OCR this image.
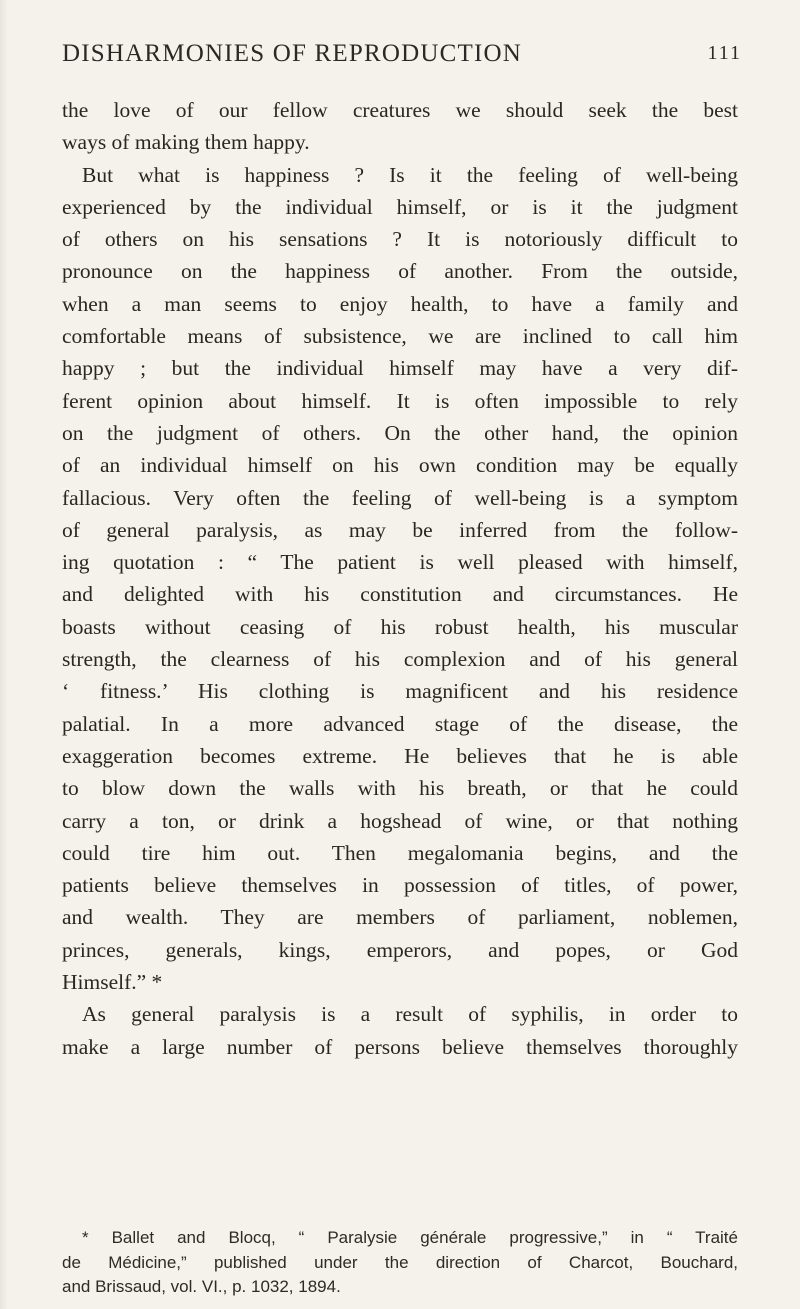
DISHARMONIES OF REPRODUCTION	111
the love of our fellow creatures we should seek the best
ways of making them happy.
But what is happiness ? Is it the feeling of well-being
experienced by the individual himself, or is it the judgment
of others on his sensations ? It is notoriously difficult to
pronounce on the happiness of another. From the outside,
when a man seems to enjoy health, to have a family and
comfortable means of subsistence, we are inclined to call him
happy ; but the individual himself may have a very dif-
ferent opinion about himself. It is often impossible to rely
on the judgment of others. On the other hand, the opinion
of an individual himself on his own condition may be equally
fallacious. Very often the feeling of well-being is a symptom
of general paralysis, as may be inferred from the follow-
ing quotation : “ The patient is well pleased with himself,
and delighted with his constitution and circumstances. He
boasts without ceasing of his robust health, his muscular
strength, the clearness of his complexion and of his general
‘ fitness.’ His clothing is magnificent and his residence
palatial. In a more advanced stage of the disease, the
exaggeration becomes extreme. He believes that he is able
to blow down the walls with his breath, or that he could
carry a ton, or drink a hogshead of wine, or that nothing
could tire him out. Then megalomania begins, and the
patients believe themselves in possession of titles, of power,
and wealth. They are members of parliament, noblemen,
princes, generals, kings, emperors, and popes, or God
Himself.” *
As general paralysis is a result of syphilis, in order to
make a large number of persons believe themselves thoroughly
* Ballet and Blocq, “ Paralysie générale progressive,” in “ Traité
de Médicine,” published under the direction of Charcot, Bouchard,
and Brissaud, vol. VI., p. 1032, 1894.
